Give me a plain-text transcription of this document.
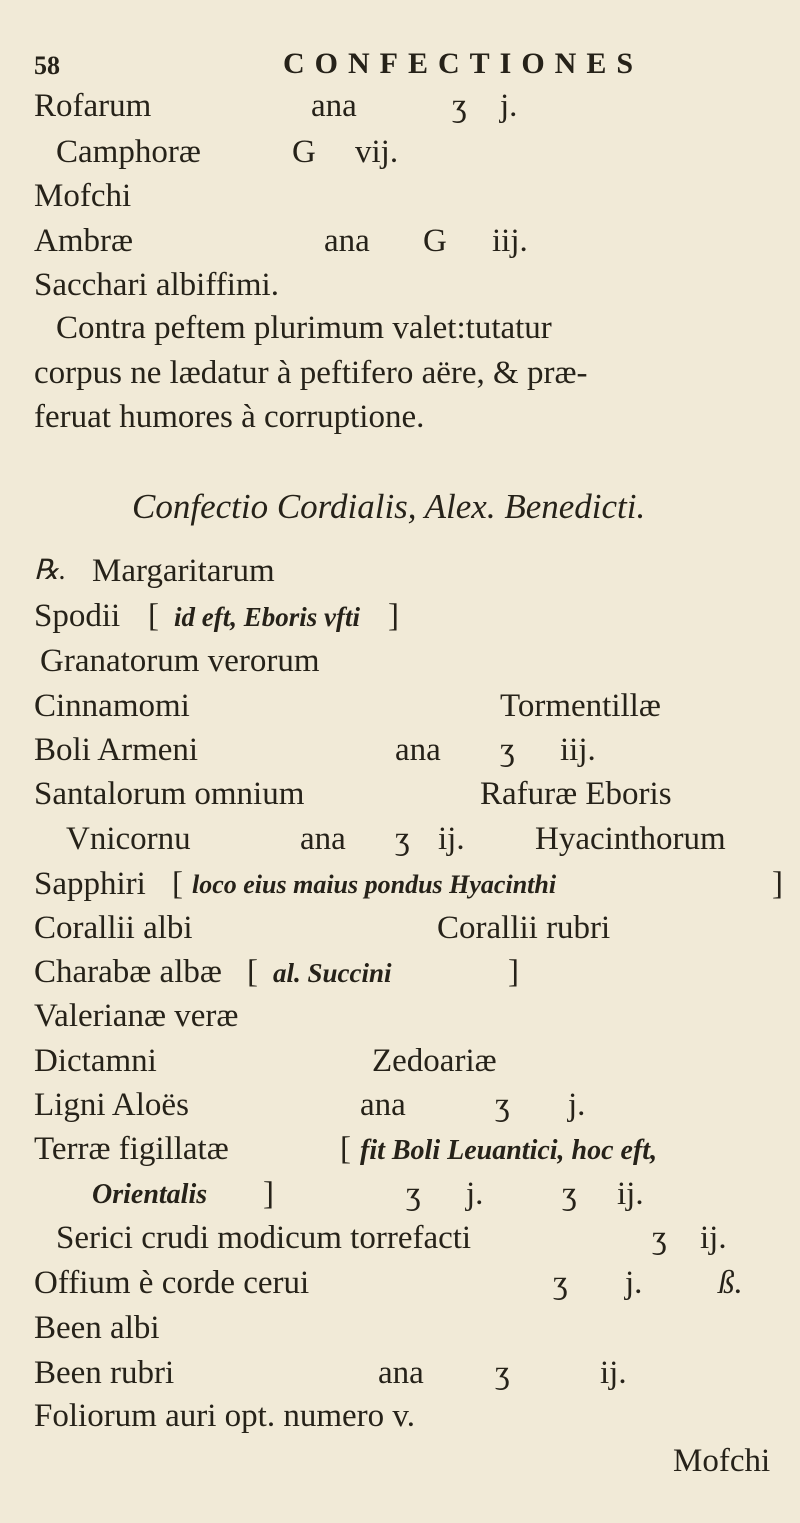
58	CONFECTIONES
Rofarum	ana	ʒ j.
Camphoræ	G vij.
Mofchi
Ambræ	ana G iij.
Sacchari albiffimi.
Contra peftem plurimum valet:tutatur
corpus ne lædatur à peftifero aëre, & præ-
feruat humores à corruptione.
Confectio Cordialis, Alex. Benedicti.
℞. Margaritarum
Spodii [ id eft, Eboris vfti ]
Granatorum verorum
Cinnamomi	Tormentillæ
Boli Armeni	ana ʒ iij.
Santalorum omnium	Rafuræ Eboris
Vnicornu	ana ʒ ij. Hyacinthorum
Sapphiri [ loco eius maius pondus Hyacinthi	]
Corallii albi	Corallii rubri
Charabæ albæ [ al. Succini	]
Valerianæ veræ
Dictamni	Zedoariæ
Ligni Aloës	ana	ʒ j.
Terræ figillatæ	[ fit Boli Leuantici, hoc eft,
Orientalis ]	ʒ j. ʒ ij.
Serici crudi modicum torrefacti	ʒ ij.
Offium è corde cerui	ʒ j. ß.
Been albi
Been rubri	ana ʒ	ij.
Foliorum auri opt. numero v.
Mofchi
